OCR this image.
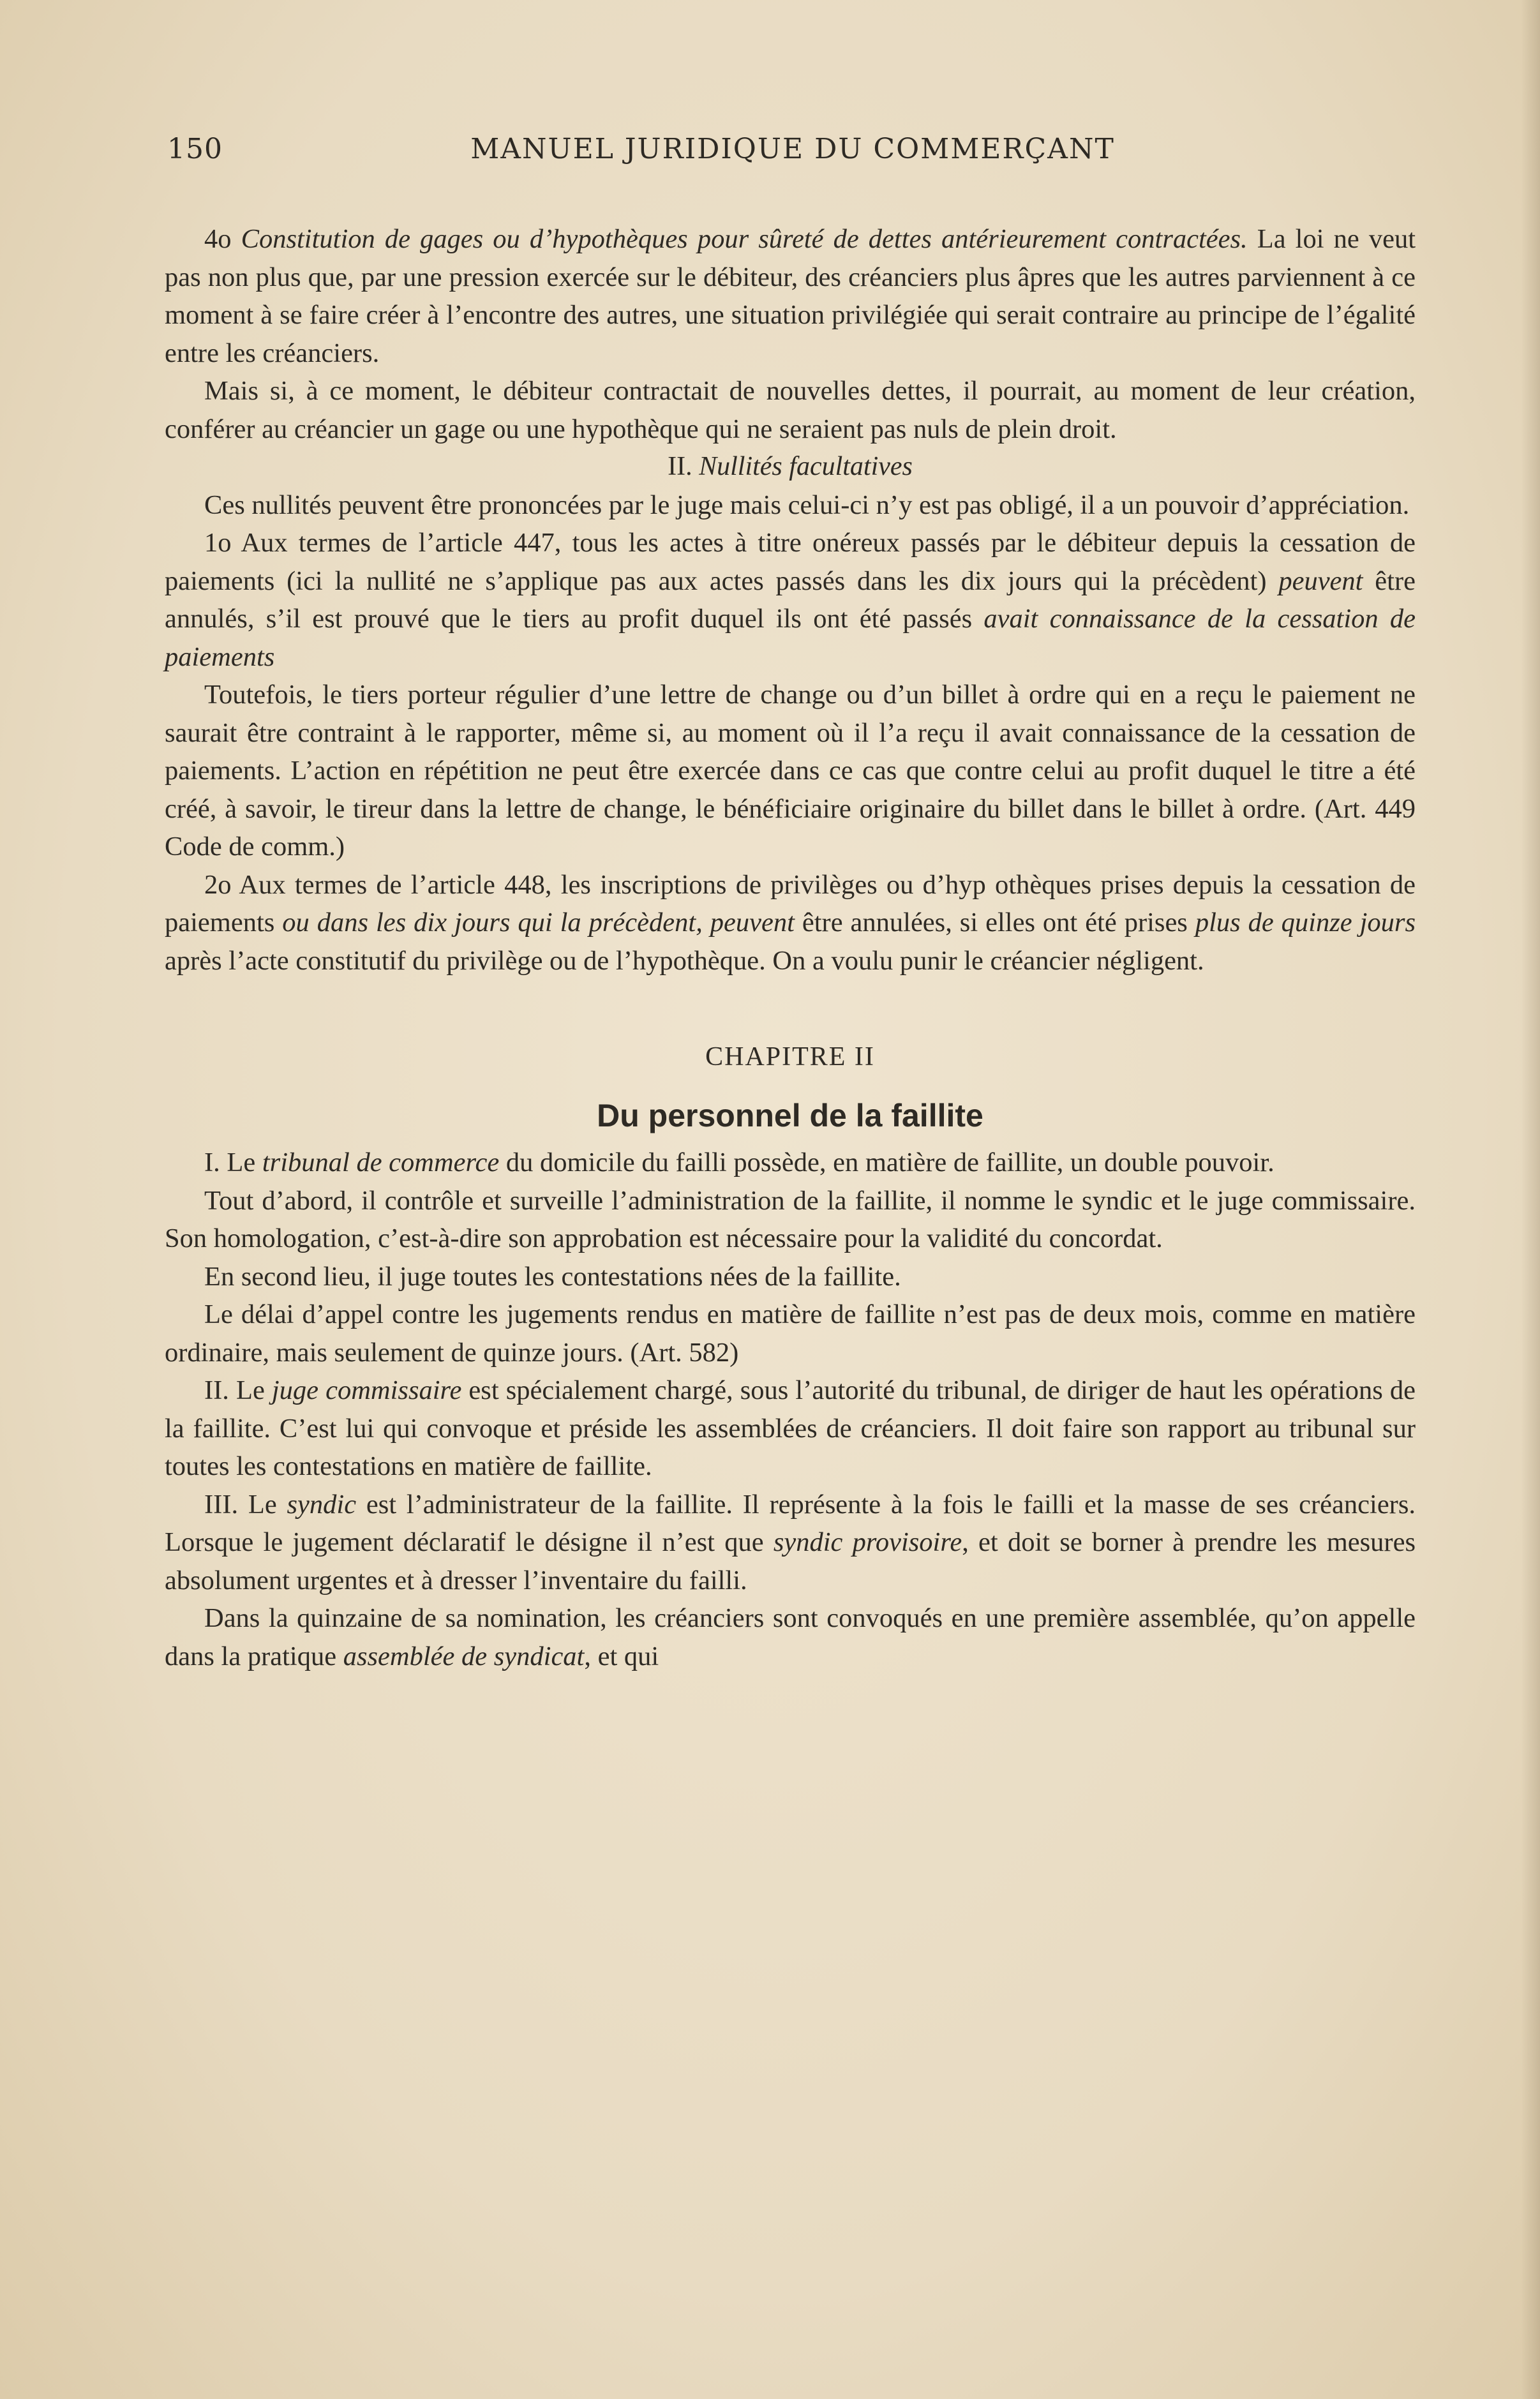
150	MANUEL JURIDIQUE DU COMMERÇANT

4o Constitution de gages ou d’hypothèques pour sûreté de dettes antérieurement contractées. La loi ne veut pas non plus que, par une pression exercée sur le débiteur, des créanciers plus âpres que les autres parviennent à ce moment à se faire créer à l’encontre des autres, une situation privilégiée qui serait contraire au principe de l’égalité entre les créanciers.

Mais si, à ce moment, le débiteur contractait de nouvelles dettes, il pourrait, au moment de leur création, conférer au créancier un gage ou une hypothèque qui ne seraient pas nuls de plein droit.

II. Nullités facultatives

Ces nullités peuvent être prononcées par le juge mais celui-ci n’y est pas obligé, il a un pouvoir d’appréciation.

1o Aux termes de l’article 447, tous les actes à titre onéreux passés par le débiteur depuis la cessation de paiements (ici la nullité ne s’applique pas aux actes passés dans les dix jours qui la précèdent) peuvent être annulés, s’il est prouvé que le tiers au profit duquel ils ont été passés avait connaissance de la cessation de paiements

Toutefois, le tiers porteur régulier d’une lettre de change ou d’un billet à ordre qui en a reçu le paiement ne saurait être contraint à le rapporter, même si, au moment où il l’a reçu il avait connaissance de la cessation de paiements. L’action en répétition ne peut être exercée dans ce cas que contre celui au profit duquel le titre a été créé, à savoir, le tireur dans la lettre de change, le bénéficiaire originaire du billet dans le billet à ordre. (Art. 449 Code de comm.)

2o Aux termes de l’article 448, les inscriptions de privilèges ou d’hyp othèques prises depuis la cessation de paiements ou dans les dix jours qui la précèdent, peuvent être annulées, si elles ont été prises plus de quinze jours après l’acte constitutif du privilège ou de l’hypothèque. On a voulu punir le créancier négligent.

CHAPITRE II
Du personnel de la faillite

I. Le tribunal de commerce du domicile du failli possède, en matière de faillite, un double pouvoir.

Tout d’abord, il contrôle et surveille l’administration de la faillite, il nomme le syndic et le juge commissaire. Son homologation, c’est-à-dire son approbation est nécessaire pour la validité du concordat.

En second lieu, il juge toutes les contestations nées de la faillite.

Le délai d’appel contre les jugements rendus en matière de faillite n’est pas de deux mois, comme en matière ordinaire, mais seulement de quinze jours. (Art. 582)

II. Le juge commissaire est spécialement chargé, sous l’autorité du tribunal, de diriger de haut les opérations de la faillite. C’est lui qui convoque et préside les assemblées de créanciers. Il doit faire son rapport au tribunal sur toutes les contestations en matière de faillite.

III. Le syndic est l’administrateur de la faillite. Il représente à la fois le failli et la masse de ses créanciers. Lorsque le jugement déclaratif le désigne il n’est que syndic provisoire, et doit se borner à prendre les mesures absolument urgentes et à dresser l’inventaire du failli.

Dans la quinzaine de sa nomination, les créanciers sont convoqués en une première assemblée, qu’on appelle dans la pratique assemblée de syndicat, et qui
